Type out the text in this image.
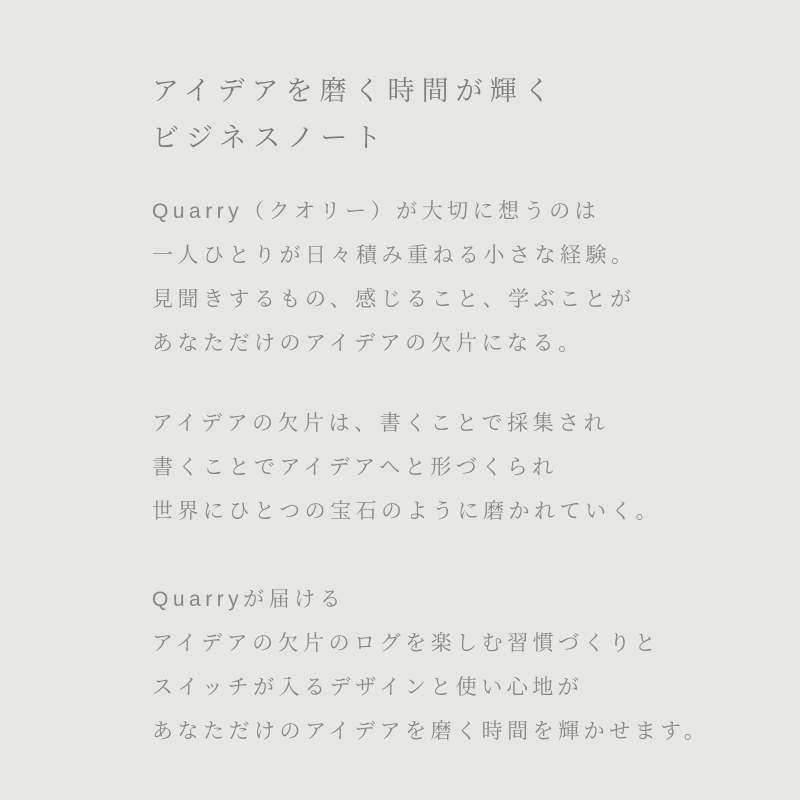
アイデアを磨く時間が輝く
ビジネスノート
Quarry（クオリー）が大切に想うのは
一人ひとりが日々積み重ねる小さな経験。
見聞きするもの、感じること、学ぶことが
あなただけのアイデアの欠片になる。
アイデアの欠片は、書くことで採集され
書くことでアイデアへと形づくられ
世界にひとつの宝石のように磨かれていく。
Quarryが届ける
アイデアの欠片のログを楽しむ習慣づくりと
スイッチが入るデザインと使い心地が
あなただけのアイデアを磨く時間を輝かせます。
